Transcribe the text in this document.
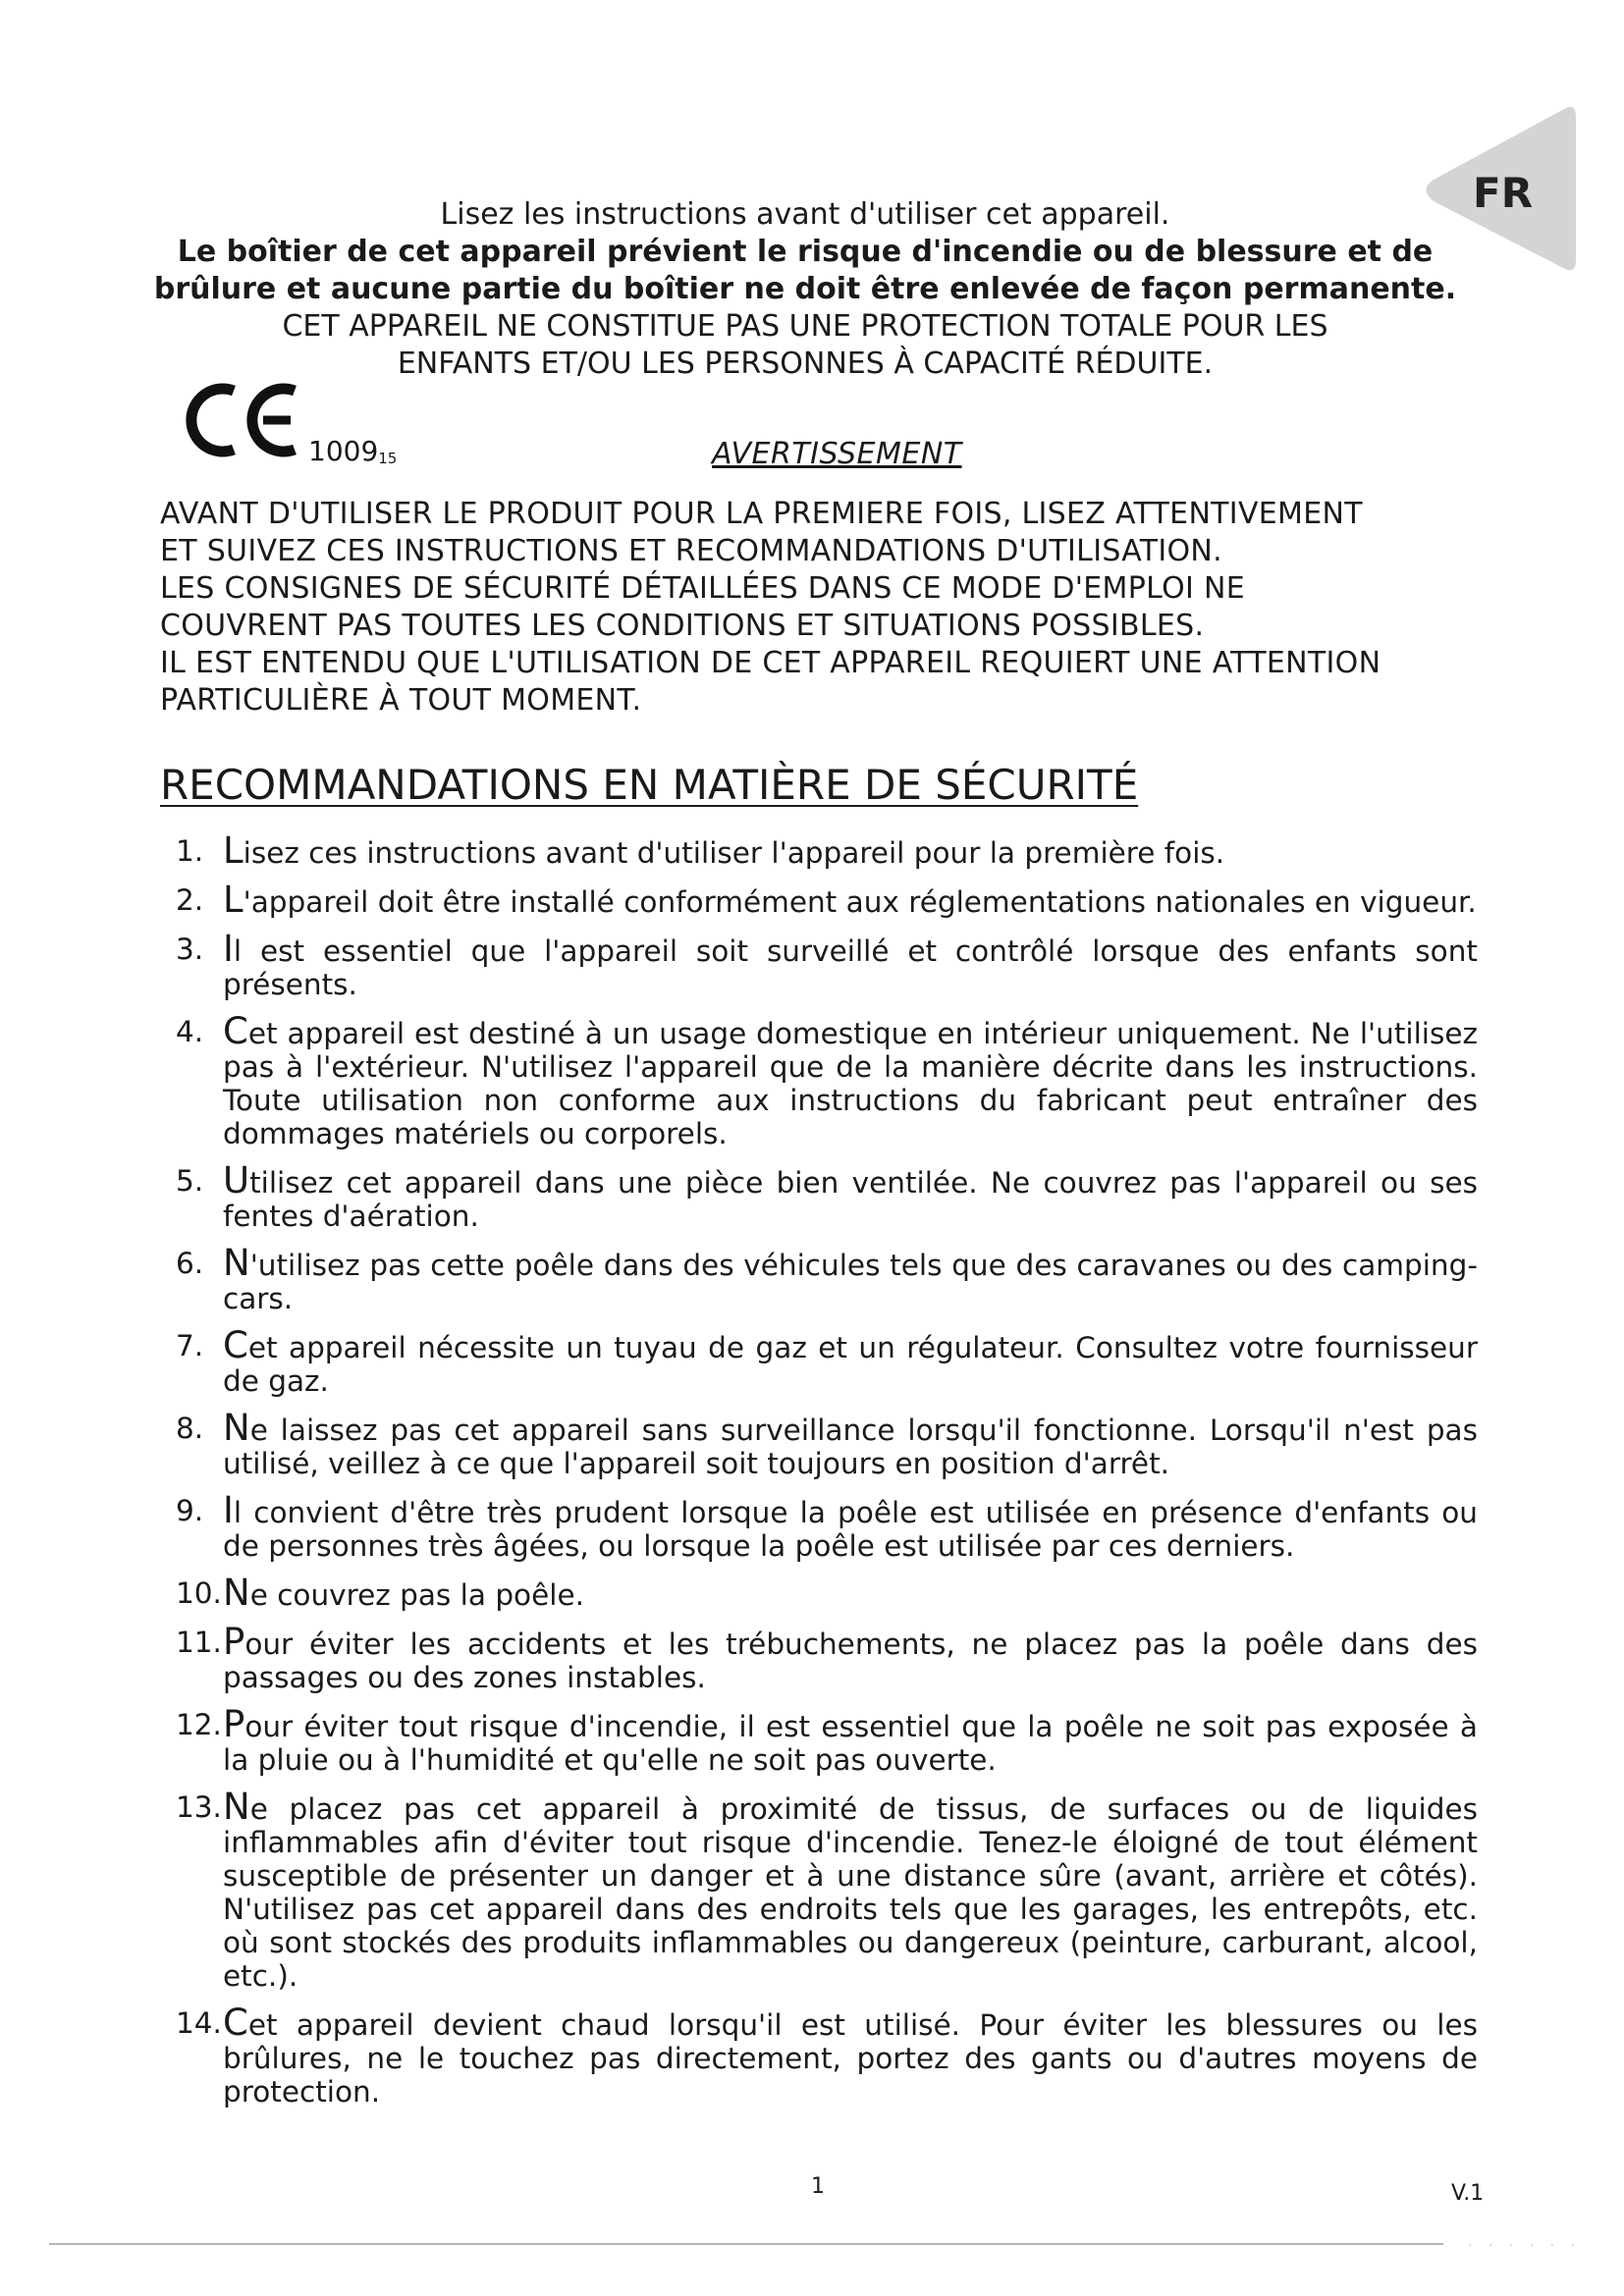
FR
Lisez les instructions avant d'utiliser cet appareil.
Le boîtier de cet appareil prévient le risque d'incendie ou de blessure et de
brûlure et aucune partie du boîtier ne doit être enlevée de façon permanente.
CET APPAREIL NE CONSTITUE PAS UNE PROTECTION TOTALE POUR LES
ENFANTS ET/OU LES PERSONNES À CAPACITÉ RÉDUITE.
$1009_{15}$	AVERTISSEMENT

AVANT D'UTILISER LE PRODUIT POUR LA PREMIERE FOIS, LISEZ ATTENTIVEMENT

ET SUIVEZ CES INSTRUCTIONS ET RECOMMANDATIONS D'UTILISATION.

LES CONSIGNES DE SÉCURITÉ DÉTAILLÉES DANS CE MODE D'EMPLOI NE

COUVRENT PAS TOUTES LES CONDITIONS ET SITUATIONS POSSIBLES.

IL EST ENTENDU QUE L'UTILISATION DE CET APPAREIL REQUIERT UNE ATTENTION

PARTICULIÈRE À TOUT MOMENT.

RECOMMANDATIONS EN MATIÈRE DE SÉCURITÉ
1. Lisez ces instructions avant d'utiliser l'appareil pour la première fois.
2. L'appareil doit être installé conformément aux réglementations nationales en vigueur.
3. Il est essentiel que l'appareil soit surveillé et contrôlé lorsque des enfants sont présents.
4. Cet appareil est destiné à un usage domestique en intérieur uniquement. Ne l'utilisez pas à l'extérieur. N'utilisez l'appareil que de la manière décrite dans les instructions. Toute utilisation non conforme aux instructions du fabricant peut entraîner des dommages matériels ou corporels.
5. Utilisez cet appareil dans une pièce bien ventilée. Ne couvrez pas l'appareil ou ses fentes d'aération.
6. N'utilisez pas cette poêle dans des véhicules tels que des caravanes ou des camping-cars.
7. Cet appareil nécessite un tuyau de gaz et un régulateur. Consultez votre fournisseur de gaz.
8. Ne laissez pas cet appareil sans surveillance lorsqu'il fonctionne. Lorsqu'il n'est pas utilisé, veillez à ce que l'appareil soit toujours en position d'arrêt.
9. Il convient d'être très prudent lorsque la poêle est utilisée en présence d'enfants ou de personnes très âgées, ou lorsque la poêle est utilisée par ces derniers.
10. Ne couvrez pas la poêle.
11. Pour éviter les accidents et les trébuchements, ne placez pas la poêle dans des passages ou des zones instables.
12. Pour éviter tout risque d'incendie, il est essentiel que la poêle ne soit pas exposée à la pluie ou à l'humidité et qu'elle ne soit pas ouverte.
13. Ne placez pas cet appareil à proximité de tissus, de surfaces ou de liquides inflammables afin d'éviter tout risque d'incendie. Tenez-le éloigné de tout élément susceptible de présenter un danger et à une distance sûre (avant, arrière et côtés). N'utilisez pas cet appareil dans des endroits tels que les garages, les entrepôts, etc. où sont stockés des produits inflammables ou dangereux (peinture, carburant, alcool, etc.).
14. Cet appareil devient chaud lorsqu'il est utilisé. Pour éviter les blessures ou les brûlures, ne le touchez pas directement, portez des gants ou d'autres moyens de protection.
1	V.1
· · · · · ·
